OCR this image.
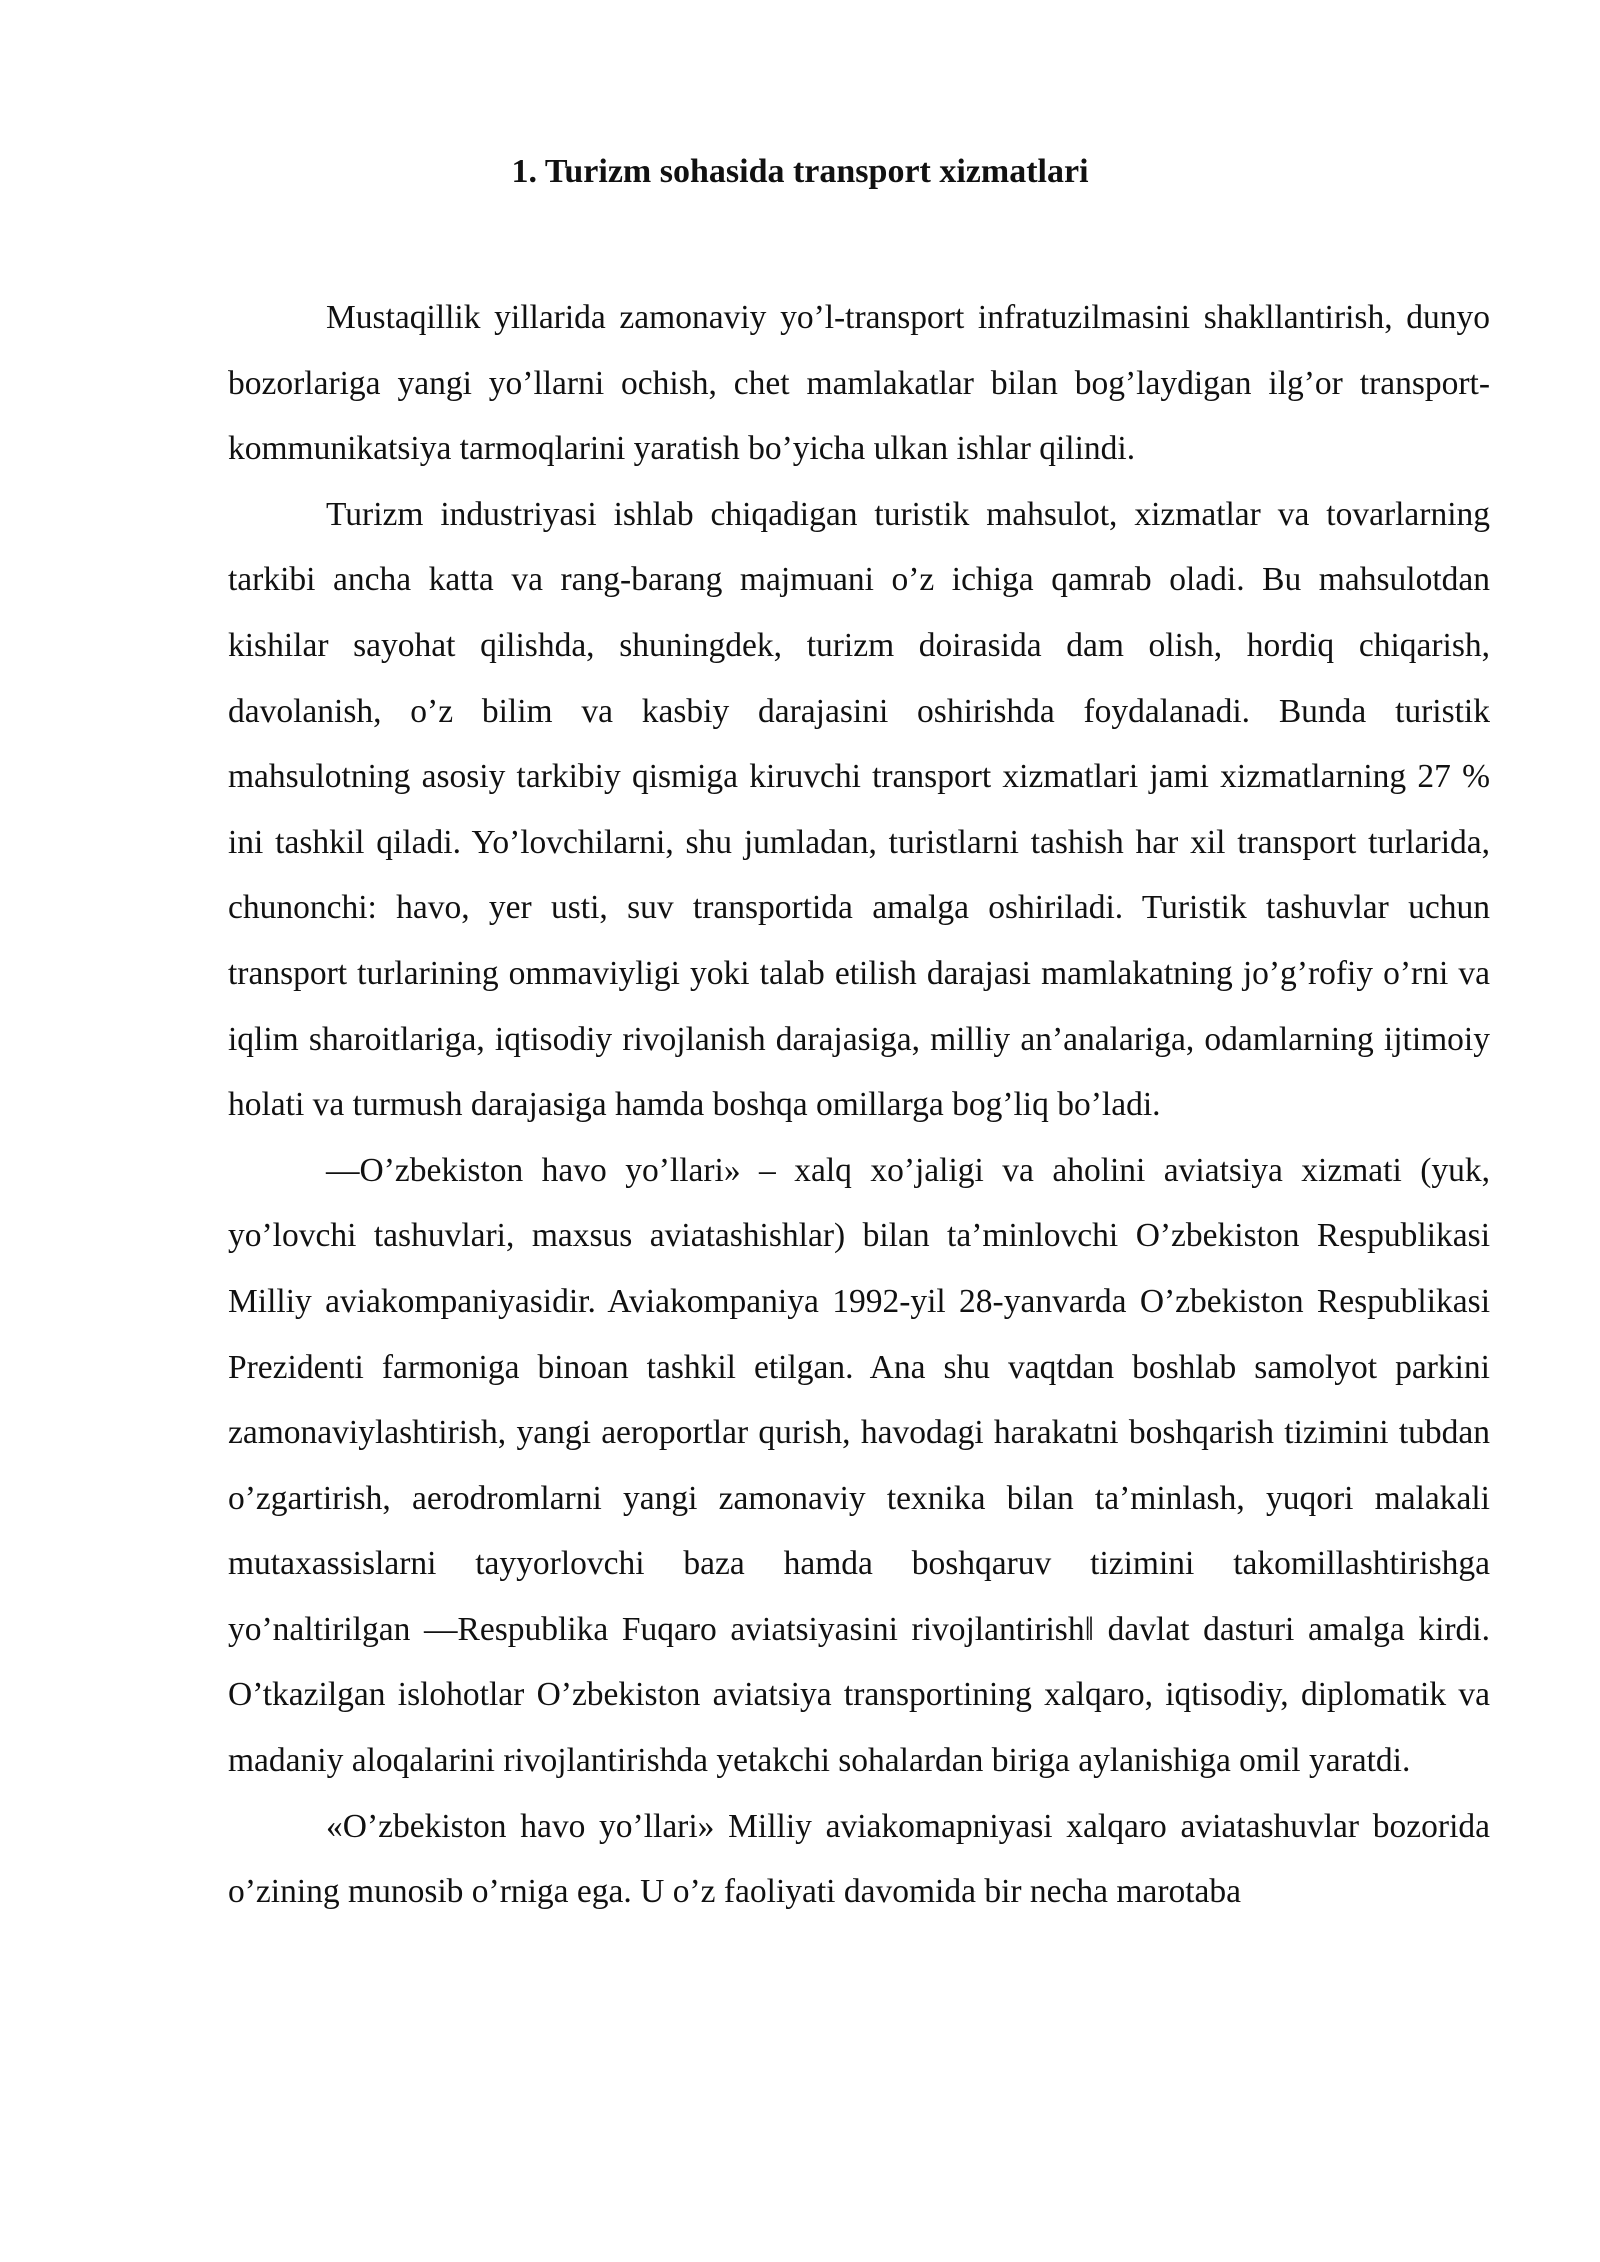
1. Turizm sohasida transport xizmatlari

Mustaqillik yillarida zamonaviy yo’l-transport infratuzilmasini shakllantirish, dunyo bozorlariga yangi yo’llarni ochish, chet mamlakatlar bilan bog’laydigan ilg’or transport-kommunikatsiya tarmoqlarini yaratish bo’yicha ulkan ishlar qilindi.

Turizm industriyasi ishlab chiqadigan turistik mahsulot, xizmatlar va tovarlarning tarkibi ancha katta va rang-barang majmuani o’z ichiga qamrab oladi. Bu mahsulotdan kishilar sayohat qilishda, shuningdek, turizm doirasida dam olish, hordiq chiqarish, davolanish, o’z bilim va kasbiy darajasini oshirishda foydalanadi. Bunda turistik mahsulotning asosiy tarkibiy qismiga kiruvchi transport xizmatlari jami xizmatlarning 27 % ini tashkil qiladi. Yo’lovchilarni, shu jumladan, turistlarni tashish har xil transport turlarida, chunonchi: havo, yer usti, suv transportida amalga oshiriladi. Turistik tashuvlar uchun transport turlarining ommaviyligi yoki talab etilish darajasi mamlakatning jo’g’rofiy o’rni va iqlim sharoitlariga, iqtisodiy rivojlanish darajasiga, milliy an’analariga, odamlarning ijtimoiy holati va turmush darajasiga hamda boshqa omillarga bog’liq bo’ladi.

―O’zbekiston havo yo’llari» – xalq xo’jaligi va aholini aviatsiya xizmati (yuk, yo’lovchi tashuvlari, maxsus aviatashishlar) bilan ta’minlovchi O’zbekiston Respublikasi Milliy aviakompaniyasidir. Aviakompaniya 1992-yil 28-yanvarda O’zbekiston Respublikasi Prezidenti farmoniga binoan tashkil etilgan. Ana shu vaqtdan boshlab samolyot parkini zamonaviylashtirish, yangi aeroportlar qurish, havodagi harakatni boshqarish tizimini tubdan o’zgartirish, aerodromlarni yangi zamonaviy texnika bilan ta’minlash, yuqori malakali mutaxassislarni tayyorlovchi baza hamda boshqaruv tizimini takomillashtirishga yo’naltirilgan ―Respublika Fuqaro aviatsiyasini rivojlantirish‖ davlat dasturi amalga kirdi. O’tkazilgan islohotlar O’zbekiston aviatsiya transportining xalqaro, iqtisodiy, diplomatik va madaniy aloqalarini rivojlantirishda yetakchi sohalardan biriga aylanishiga omil yaratdi.

«O’zbekiston havo yo’llari» Milliy aviakomapniyasi xalqaro aviatashuvlar bozorida o’zining munosib o’rniga ega. U o’z faoliyati davomida bir necha marotaba
